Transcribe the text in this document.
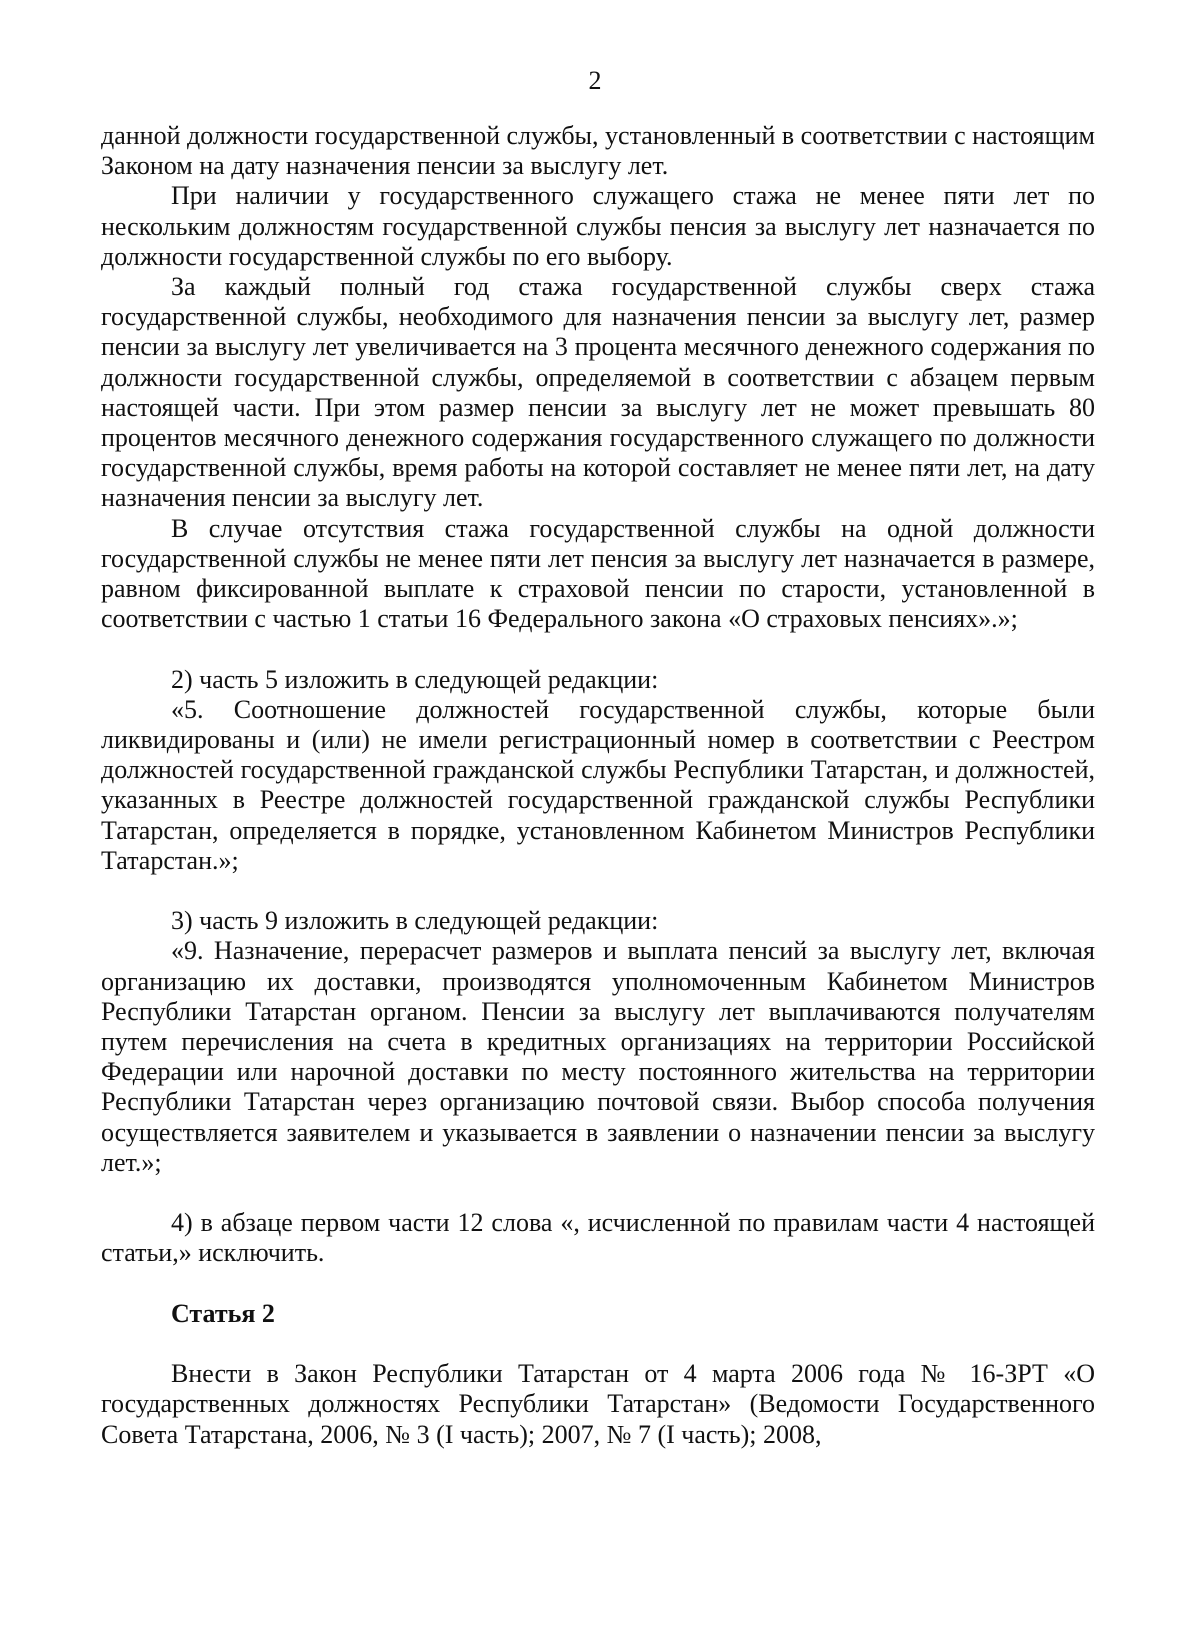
2

данной должности государственной службы, установленный в соответствии с настоящим Законом на дату назначения пенсии за выслугу лет.

При наличии у государственного служащего стажа не менее пяти лет по нескольким должностям государственной службы пенсия за выслугу лет назначается по должности государственной службы по его выбору.

За каждый полный год стажа государственной службы сверх стажа государственной службы, необходимого для назначения пенсии за выслугу лет, размер пенсии за выслугу лет увеличивается на 3 процента месячного денежного содержания по должности государственной службы, определяемой в соответствии с абзацем первым настоящей части. При этом размер пенсии за выслугу лет не может превышать 80 процентов месячного денежного содержания государственного служащего по должности государственной службы, время работы на которой составляет не менее пяти лет, на дату назначения пенсии за выслугу лет.

В случае отсутствия стажа государственной службы на одной должности государственной службы не менее пяти лет пенсия за выслугу лет назначается в размере, равном фиксированной выплате к страховой пенсии по старости, установленной в соответствии с частью 1 статьи 16 Федерального закона «О страховых пенсиях».»;

2) часть 5 изложить в следующей редакции:

«5. Соотношение должностей государственной службы, которые были ликвидированы и (или) не имели регистрационный номер в соответствии с Реестром должностей государственной гражданской службы Республики Татарстан, и должностей, указанных в Реестре должностей государственной гражданской службы Республики Татарстан, определяется в порядке, установленном Кабинетом Министров Республики Татарстан.»;

3) часть 9 изложить в следующей редакции:

«9. Назначение, перерасчет размеров и выплата пенсий за выслугу лет, включая организацию их доставки, производятся уполномоченным Кабинетом Министров Республики Татарстан органом. Пенсии за выслугу лет выплачиваются получателям путем перечисления на счета в кредитных организациях на территории Российской Федерации или нарочной доставки по месту постоянного жительства на территории Республики Татарстан через организацию почтовой связи. Выбор способа получения осуществляется заявителем и указывается в заявлении о назначении пенсии за выслугу лет.»;

4) в абзаце первом части 12 слова «, исчисленной по правилам части 4 настоящей статьи,» исключить.

Статья 2

Внести в Закон Республики Татарстан от 4 марта 2006 года № 16-ЗРТ «О государственных должностях Республики Татарстан» (Ведомости Государственного Совета Татарстана, 2006, № 3 (I часть); 2007, № 7 (I часть); 2008,
